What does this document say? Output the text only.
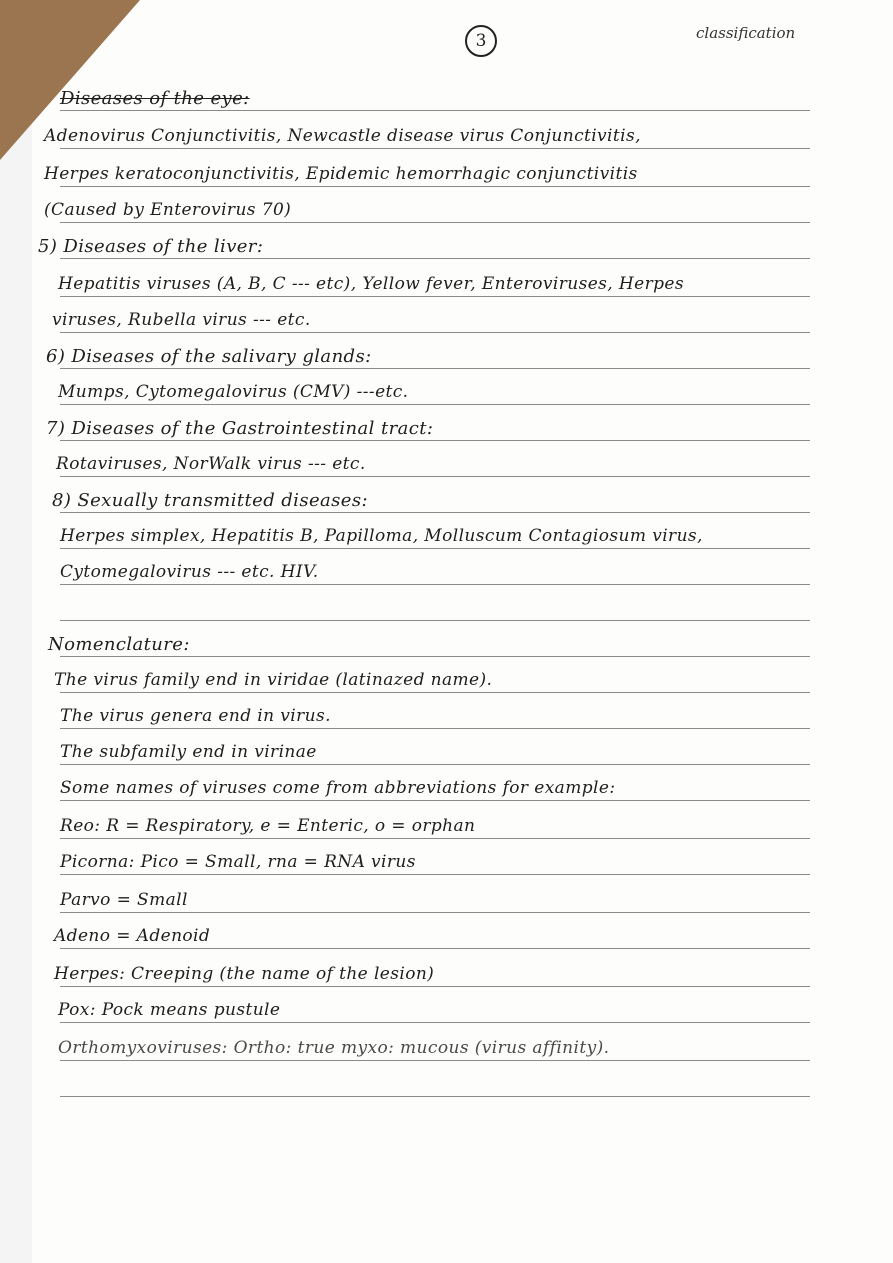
3	classification
Diseases of the eye:
Adenovirus Conjunctivitis, Newcastle disease virus Conjunctivitis,
Herpes keratoconjunctivitis, Epidemic hemorrhagic conjunctivitis
(Caused by Enterovirus 70)
5) Diseases of the liver:
Hepatitis viruses (A, B, C --- etc), Yellow fever, Enteroviruses, Herpes
viruses, Rubella virus --- etc.
6) Diseases of the salivary glands:
Mumps, Cytomegalovirus (CMV) ---etc.
7) Diseases of the Gastrointestinal tract:
Rotaviruses, NorWalk virus --- etc.
8) Sexually transmitted diseases:
Herpes simplex, Hepatitis B, Papilloma, Molluscum Contagiosum virus,
Cytomegalovirus --- etc. HIV.
Nomenclature:
The virus family end in viridae (latinazed name).
The virus genera end in virus.
The subfamily end in virinae
Some names of viruses come from abbreviations for example:
Reo: R = Respiratory, e = Enteric, o = orphan
Picorna: Pico = Small, rna = RNA virus
Parvo = Small
Adeno = Adenoid
Herpes: Creeping (the name of the lesion)
Pox: Pock means pustule
Orthomyxoviruses: Ortho: true myxo: mucous (virus affinity).
